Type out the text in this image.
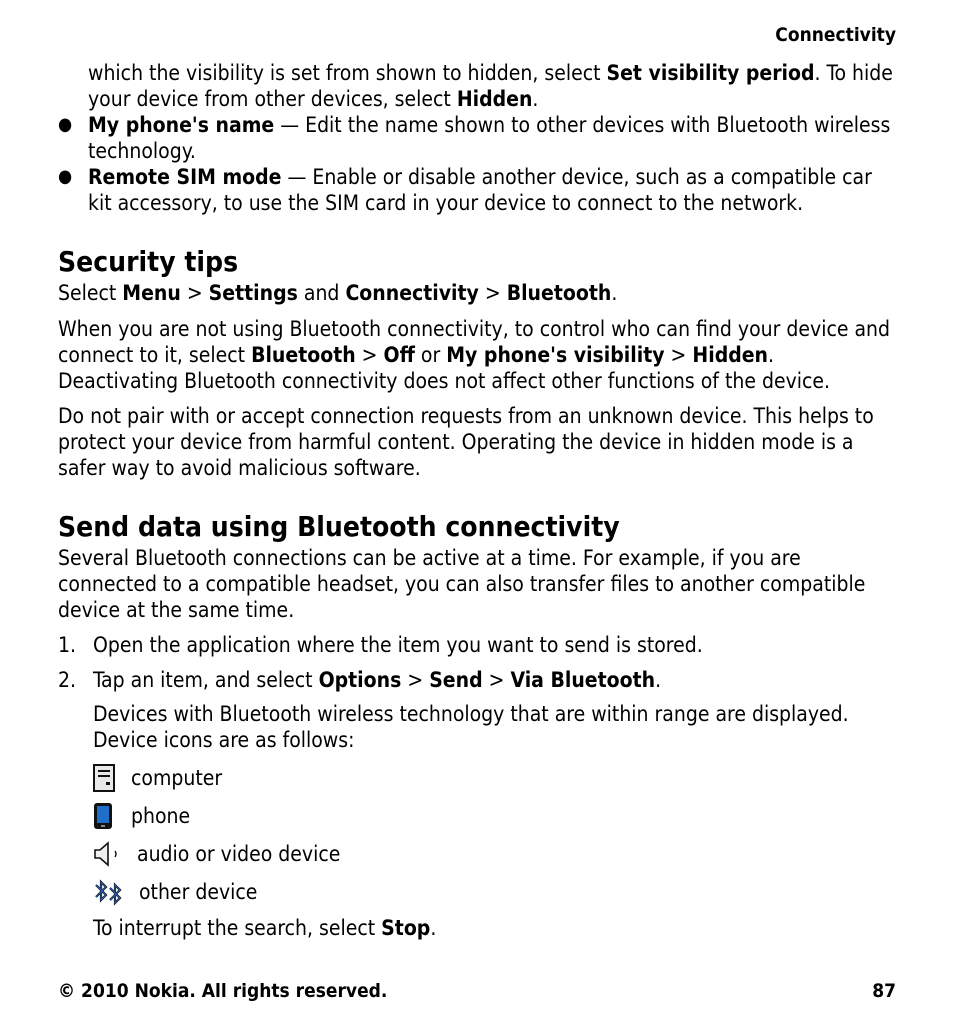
Connectivity

which the visibility is set from shown to hidden, select Set visibility period. To hide your device from other devices, select Hidden.

● My phone's name — Edit the name shown to other devices with Bluetooth wireless technology.
● Remote SIM mode — Enable or disable another device, such as a compatible car kit accessory, to use the SIM card in your device to connect to the network.
Security tips

Select Menu > Settings and Connectivity > Bluetooth.

When you are not using Bluetooth connectivity, to control who can find your device and connect to it, select Bluetooth > Off or My phone's visibility > Hidden. Deactivating Bluetooth connectivity does not affect other functions of the device.

Do not pair with or accept connection requests from an unknown device. This helps to protect your device from harmful content. Operating the device in hidden mode is a safer way to avoid malicious software.

Send data using Bluetooth connectivity

Several Bluetooth connections can be active at a time. For example, if you are connected to a compatible headset, you can also transfer files to another compatible device at the same time.

1. Open the application where the item you want to send is stored.
2. Tap an item, and select Options > Send > Via Bluetooth.

Devices with Bluetooth wireless technology that are within range are displayed. Device icons are as follows:

computer
phone
audio or video device
other device

To interrupt the search, select Stop.

© 2010 Nokia. All rights reserved.	87
